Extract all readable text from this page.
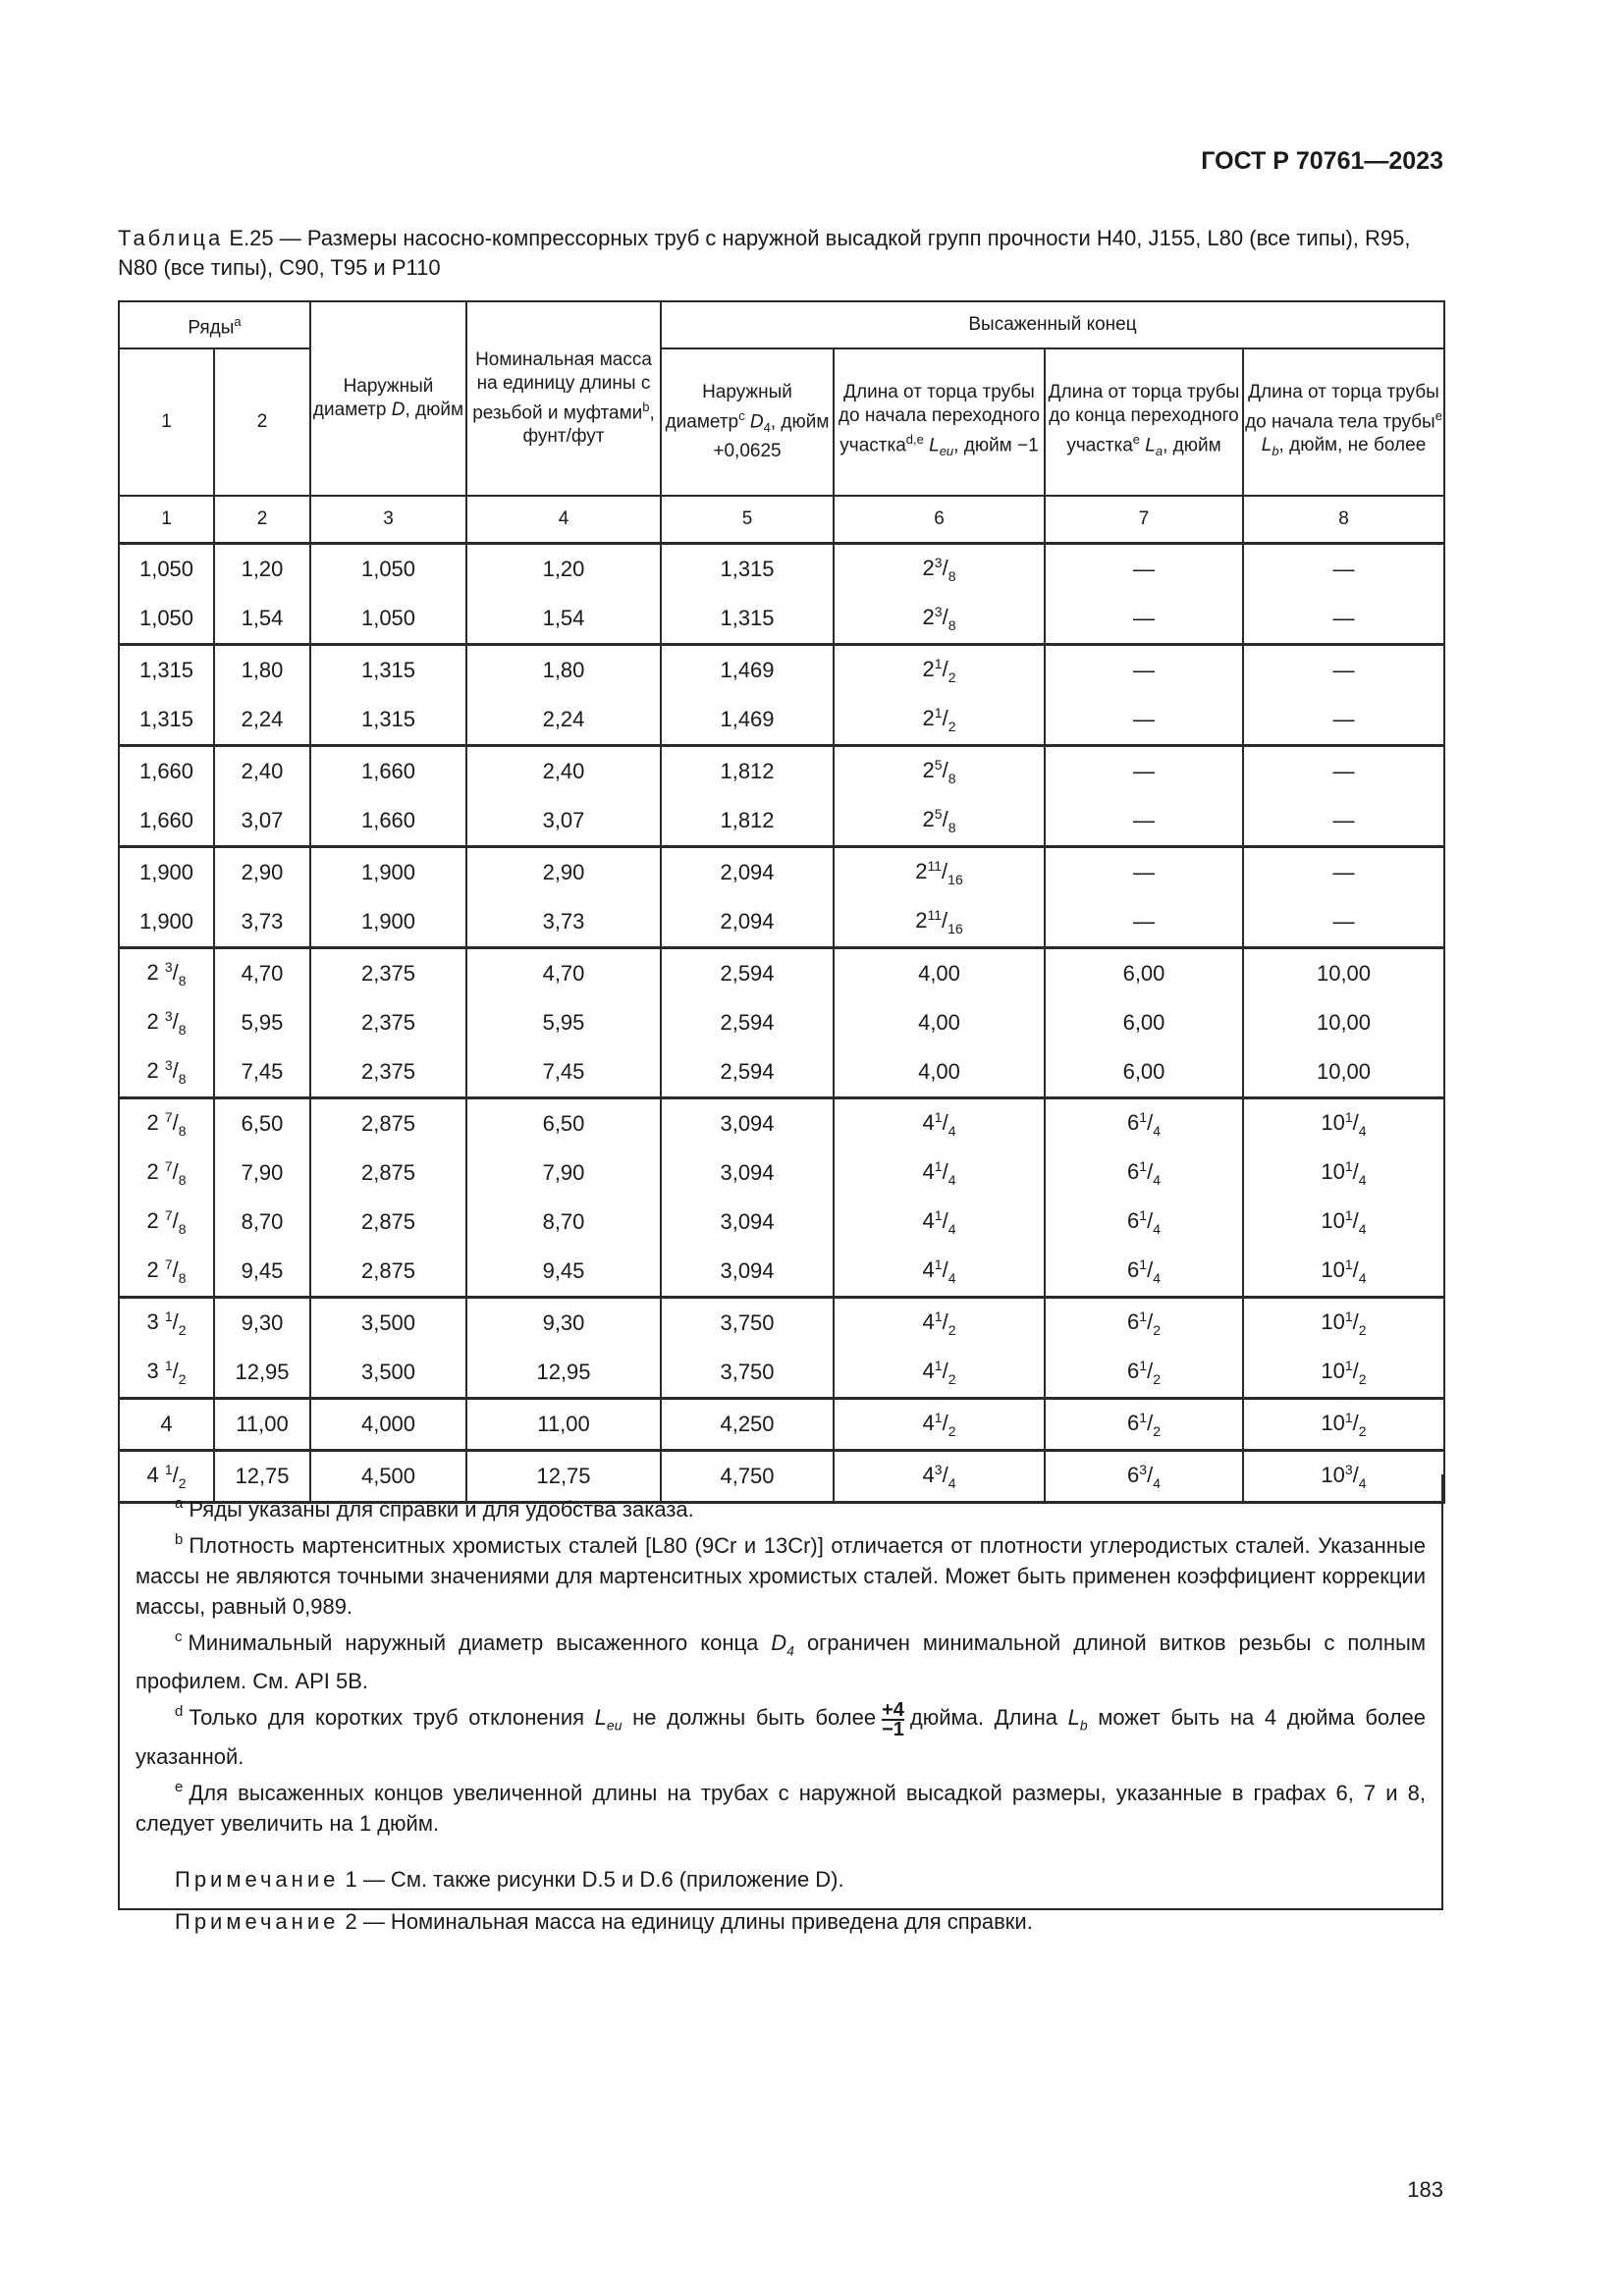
ГОСТ Р 70761—2023
Таблица E.25 — Размеры насосно-компрессорных труб с наружной высадкой групп прочности H40, J155, L80 (все типы), R95, N80 (все типы), C90, T95 и P110
Ряды$^a$		Наружный диаметр D, дюйм	Номинальная масса на единицу длины с резьбой и муфтами$^b$, фунт/фут	Высаженный конец			
1	2			Наружный диаметр$^c$ $D_4$, дюйм +0,0625	Длина от торца трубы до начала переходного участка$^{d,e}$ $L_{eu}$, дюйм −1	Длина от торца трубы до конца переходного участка$^e$ $L_a$, дюйм	Длина от торца трубы до начала тела трубы$^e$ $L_b$, дюйм, не более
1	2	3	4	5	6	7	8
1,050	1,20	1,050	1,20	1,315	$2^3/_8$	—	—
1,050	1,54	1,050	1,54	1,315	$2^3/_8$	—	—
1,315	1,80	1,315	1,80	1,469	$2^1/_2$	—	—
1,315	2,24	1,315	2,24	1,469	$2^1/_2$	—	—
1,660	2,40	1,660	2,40	1,812	$2^5/_8$	—	—
1,660	3,07	1,660	3,07	1,812	$2^5/_8$	—	—
1,900	2,90	1,900	2,90	2,094	$2^{11}/_{16}$	—	—
1,900	3,73	1,900	3,73	2,094	$2^{11}/_{16}$	—	—
2 $^3/_8$	4,70	2,375	4,70	2,594	4,00	6,00	10,00
2 $^3/_8$	5,95	2,375	5,95	2,594	4,00	6,00	10,00
2 $^3/_8$	7,45	2,375	7,45	2,594	4,00	6,00	10,00
2 $^7/_8$	6,50	2,875	6,50	3,094	$4^1/_4$	$6^1/_4$	$10^1/_4$
2 $^7/_8$	7,90	2,875	7,90	3,094	$4^1/_4$	$6^1/_4$	$10^1/_4$
2 $^7/_8$	8,70	2,875	8,70	3,094	$4^1/_4$	$6^1/_4$	$10^1/_4$
2 $^7/_8$	9,45	2,875	9,45	3,094	$4^1/_4$	$6^1/_4$	$10^1/_4$
3 $^1/_2$	9,30	3,500	9,30	3,750	$4^1/_2$	$6^1/_2$	$10^1/_2$
3 $^1/_2$	12,95	3,500	12,95	3,750	$4^1/_2$	$6^1/_2$	$10^1/_2$
4	11,00	4,000	11,00	4,250	$4^1/_2$	$6^1/_2$	$10^1/_2$
4 $^1/_2$	12,75	4,500	12,75	4,750	$4^3/_4$	$6^3/_4$	$10^3/_4$

$^a$ Ряды указаны для справки и для удобства заказа.

$^b$ Плотность мартенситных хромистых сталей [L80 (9Cr и 13Cr)] отличается от плотности углеродистых сталей. Указанные массы не являются точными значениями для мартенситных хромистых сталей. Может быть применен коэффициент коррекции массы, равный 0,989.

$^c$ Минимальный наружный диаметр высаженного конца $D_4$ ограничен минимальной длиной витков резьбы с полным профилем. См. API 5B.

$^d$ Только для коротких труб отклонения $L_{eu}$ не должны быть более $\frac{+4}{-1}$ дюйма. Длина $L_b$ может быть на 4 дюйма более указанной.

$^e$ Для высаженных концов увеличенной длины на трубах с наружной высадкой размеры, указанные в графах 6, 7 и 8, следует увеличить на 1 дюйм.

Примечание 1 — См. также рисунки D.5 и D.6 (приложение D).

Примечание 2 — Номинальная масса на единицу длины приведена для справки.

183
